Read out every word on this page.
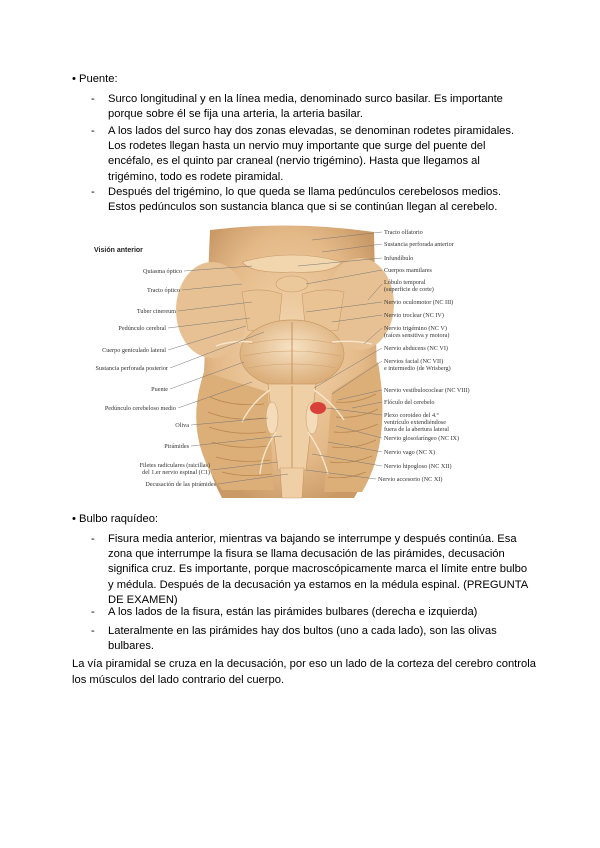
• Puente:
- Surco longitudinal y en la línea media, denominado surco basilar. Es importante porque sobre él se fija una arteria, la arteria basilar.
- A los lados del surco hay dos zonas elevadas, se denominan rodetes piramidales. Los rodetes llegan hasta un nervio muy importante que surge del puente del encéfalo, es el quinto par craneal (nervio trigémino). Hasta que llegamos al trigémino, todo es rodete piramidal.
- Después del trigémino, lo que queda se llama pedúnculos cerebelosos medios. Estos pedúnculos son sustancia blanca que si se continúan llegan al cerebelo.
Visión anterior
Quiasma óptico
Tracto óptico
Tuber cinereum
Pedúnculo cerebral
Cuerpo geniculado lateral
Sustancia perforada posterior
Puente
Pedúnculo cerebeloso medio
Oliva
Pirámides
Filetes radiculares (raicillas)
del 1.er nervio espinal (C1)
Decusación de las pirámides
Tracto olfatorio
Sustancia perforada anterior
Infundíbulo
Cuerpos mamilares
Lóbulo temporal
(superficie de corte)
Nervio oculomotor (NC III)
Nervio troclear (NC IV)
Nervio trigémino (NC V)
(raíces sensitiva y motora)
Nervio abducens (NC VI)
Nervios facial (NC VII)
e intermedio (de Wrisberg)
Nervio vestibulococlear (NC VIII)
Flóculo del cerebelo
Plexo coroideo del 4.º
ventrículo extendiéndose
fuera de la abertura lateral
Nervio glosofaríngeo (NC IX)
Nervio vago (NC X)
Nervio hipogloso (NC XII)
Nervio accesorio (NC XI)
• Bulbo raquídeo:
- Fisura media anterior, mientras va bajando se interrumpe y después continúa. Esa zona que interrumpe la fisura se llama decusación de las pirámides, decusación significa cruz. Es importante, porque macroscópicamente marca el límite entre bulbo y médula. Después de la decusación ya estamos en la médula espinal. (PREGUNTA DE EXAMEN)
- A los lados de la fisura, están las pirámides bulbares (derecha e izquierda)
- Lateralmente en las pirámides hay dos bultos (uno a cada lado), son las olivas bulbares.
La vía piramidal se cruza en la decusación, por eso un lado de la corteza del cerebro controla los músculos del lado contrario del cuerpo.
